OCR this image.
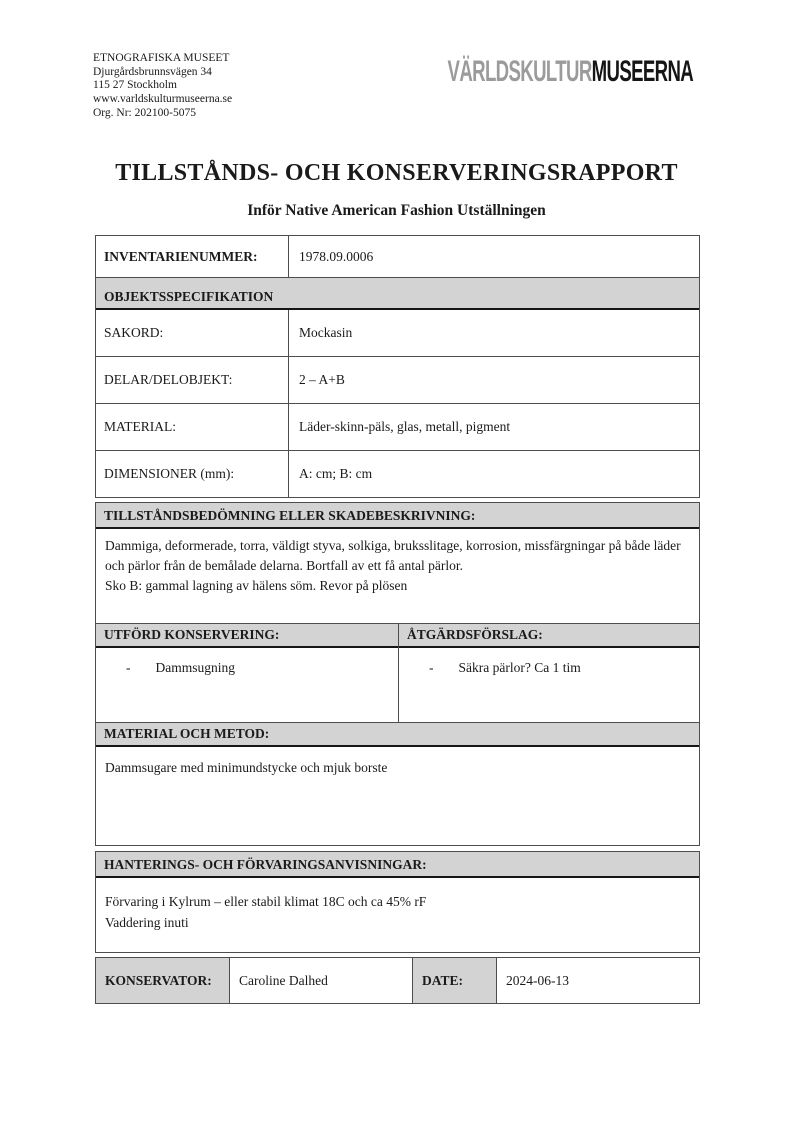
ETNOGRAFISKA MUSEET
Djurgårdsbrunnsvägen 34
115 27 Stockholm
www.varldskulturmuseerna.se
Org. Nr: 202100-5075
VÄRLDSKULTURMUSEERNA
TILLSTÅNDS- OCH KONSERVERINGSRAPPORT
Inför Native American Fashion Utställningen
INVENTARIENUMMER:	1978.09.0006
OBJEKTSSPECIFIKATION
SAKORD:	Mockasin
DELAR/DELOBJEKT:	2 – A+B
MATERIAL:	Läder-skinn-päls, glas, metall, pigment
DIMENSIONER (mm):	A: cm; B: cm
TILLSTÅNDSBEDÖMNING ELLER SKADEBESKRIVNING:
Dammiga, deformerade, torra, väldigt styva, solkiga, bruksslitage, korrosion, missfärgningar på både läder och pärlor från de bemålade delarna. Bortfall av ett få antal pärlor.
Sko B: gammal lagning av hälens söm. Revor på plösen
UTFÖRD KONSERVERING:
- Dammsugning
ÅTGÄRDSFÖRSLAG:
- Säkra pärlor? Ca 1 tim
MATERIAL OCH METOD:
Dammsugare med minimundstycke och mjuk borste
HANTERINGS- OCH FÖRVARINGSANVISNINGAR:
Förvaring i Kylrum – eller stabil klimat 18C och ca 45% rF
Vaddering inuti
KONSERVATOR:	Caroline Dalhed	DATE:	2024-06-13
